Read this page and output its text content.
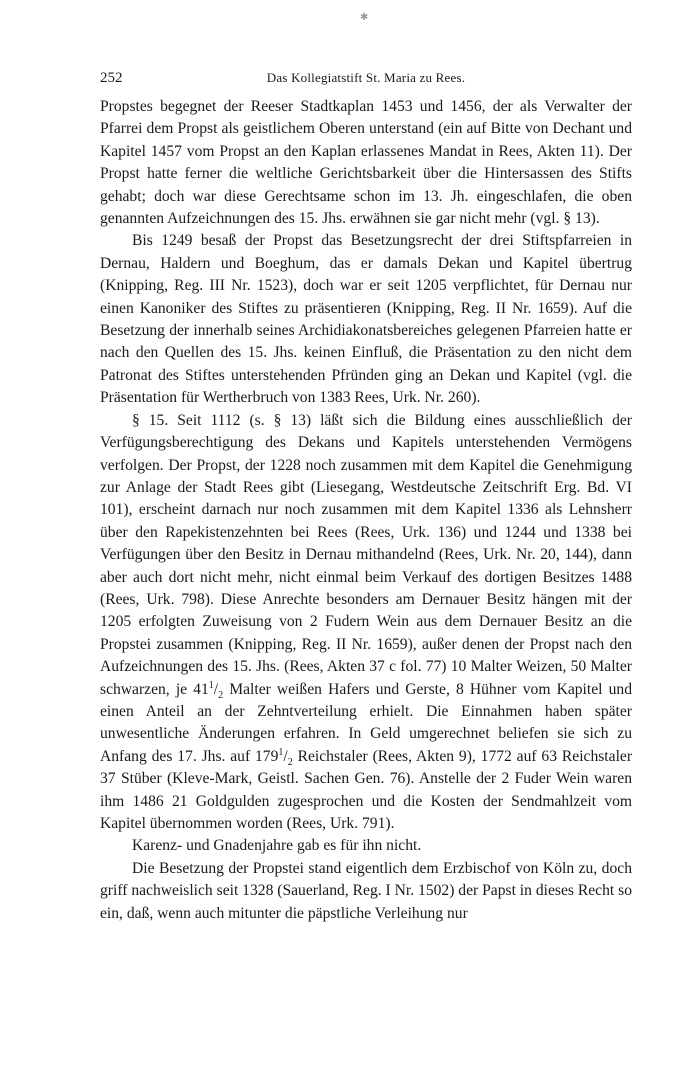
✱
252	Das Kollegiatstift St. Maria zu Rees.

Propstes begegnet der Reeser Stadtkaplan 1453 und 1456, der als Verwalter der Pfarrei dem Propst als geistlichem Oberen unterstand (ein auf Bitte von Dechant und Kapitel 1457 vom Propst an den Kaplan erlassenes Mandat in Rees, Akten 11). Der Propst hatte ferner die weltliche Gerichtsbarkeit über die Hintersassen des Stifts gehabt; doch war diese Gerechtsame schon im 13. Jh. eingeschlafen, die oben genannten Aufzeichnungen des 15. Jhs. erwähnen sie gar nicht mehr (vgl. § 13).

Bis 1249 besaß der Propst das Besetzungsrecht der drei Stiftspfarreien in Dernau, Haldern und Boeghum, das er damals Dekan und Kapitel übertrug (Knipping, Reg. III Nr. 1523), doch war er seit 1205 verpflichtet, für Dernau nur einen Kanoniker des Stiftes zu präsentieren (Knipping, Reg. II Nr. 1659). Auf die Besetzung der innerhalb seines Archidiakonatsbereiches gelegenen Pfarreien hatte er nach den Quellen des 15. Jhs. keinen Einfluß, die Präsentation zu den nicht dem Patronat des Stiftes unterstehenden Pfründen ging an Dekan und Kapitel (vgl. die Präsentation für Wertherbruch von 1383 Rees, Urk. Nr. 260).

§ 15. Seit 1112 (s. § 13) läßt sich die Bildung eines ausschließlich der Verfügungsberechtigung des Dekans und Kapitels unterstehenden Vermögens verfolgen. Der Propst, der 1228 noch zusammen mit dem Kapitel die Genehmigung zur Anlage der Stadt Rees gibt (Liesegang, Westdeutsche Zeitschrift Erg. Bd. VI 101), erscheint darnach nur noch zusammen mit dem Kapitel 1336 als Lehnsherr über den Rapekistenzehnten bei Rees (Rees, Urk. 136) und 1244 und 1338 bei Verfügungen über den Besitz in Dernau mithandelnd (Rees, Urk. Nr. 20, 144), dann aber auch dort nicht mehr, nicht einmal beim Verkauf des dortigen Besitzes 1488 (Rees, Urk. 798). Diese Anrechte besonders am Dernauer Besitz hängen mit der 1205 erfolgten Zuweisung von 2 Fudern Wein aus dem Dernauer Besitz an die Propstei zusammen (Knipping, Reg. II Nr. 1659), außer denen der Propst nach den Aufzeichnungen des 15. Jhs. (Rees, Akten 37 c fol. 77) 10 Malter Weizen, 50 Malter schwarzen, je $41^1/_2$ Malter weißen Hafers und Gerste, 8 Hühner vom Kapitel und einen Anteil an der Zehntverteilung erhielt. Die Einnahmen haben später unwesentliche Änderungen erfahren. In Geld umgerechnet beliefen sie sich zu Anfang des 17. Jhs. auf $179^1/_2$ Reichstaler (Rees, Akten 9), 1772 auf 63 Reichstaler 37 Stüber (Kleve-Mark, Geistl. Sachen Gen. 76). Anstelle der 2 Fuder Wein waren ihm 1486 21 Goldgulden zugesprochen und die Kosten der Sendmahlzeit vom Kapitel übernommen worden (Rees, Urk. 791).

Karenz- und Gnadenjahre gab es für ihn nicht.

Die Besetzung der Propstei stand eigentlich dem Erzbischof von Köln zu, doch griff nachweislich seit 1328 (Sauerland, Reg. I Nr. 1502) der Papst in dieses Recht so ein, daß, wenn auch mitunter die päpstliche Verleihung nur
